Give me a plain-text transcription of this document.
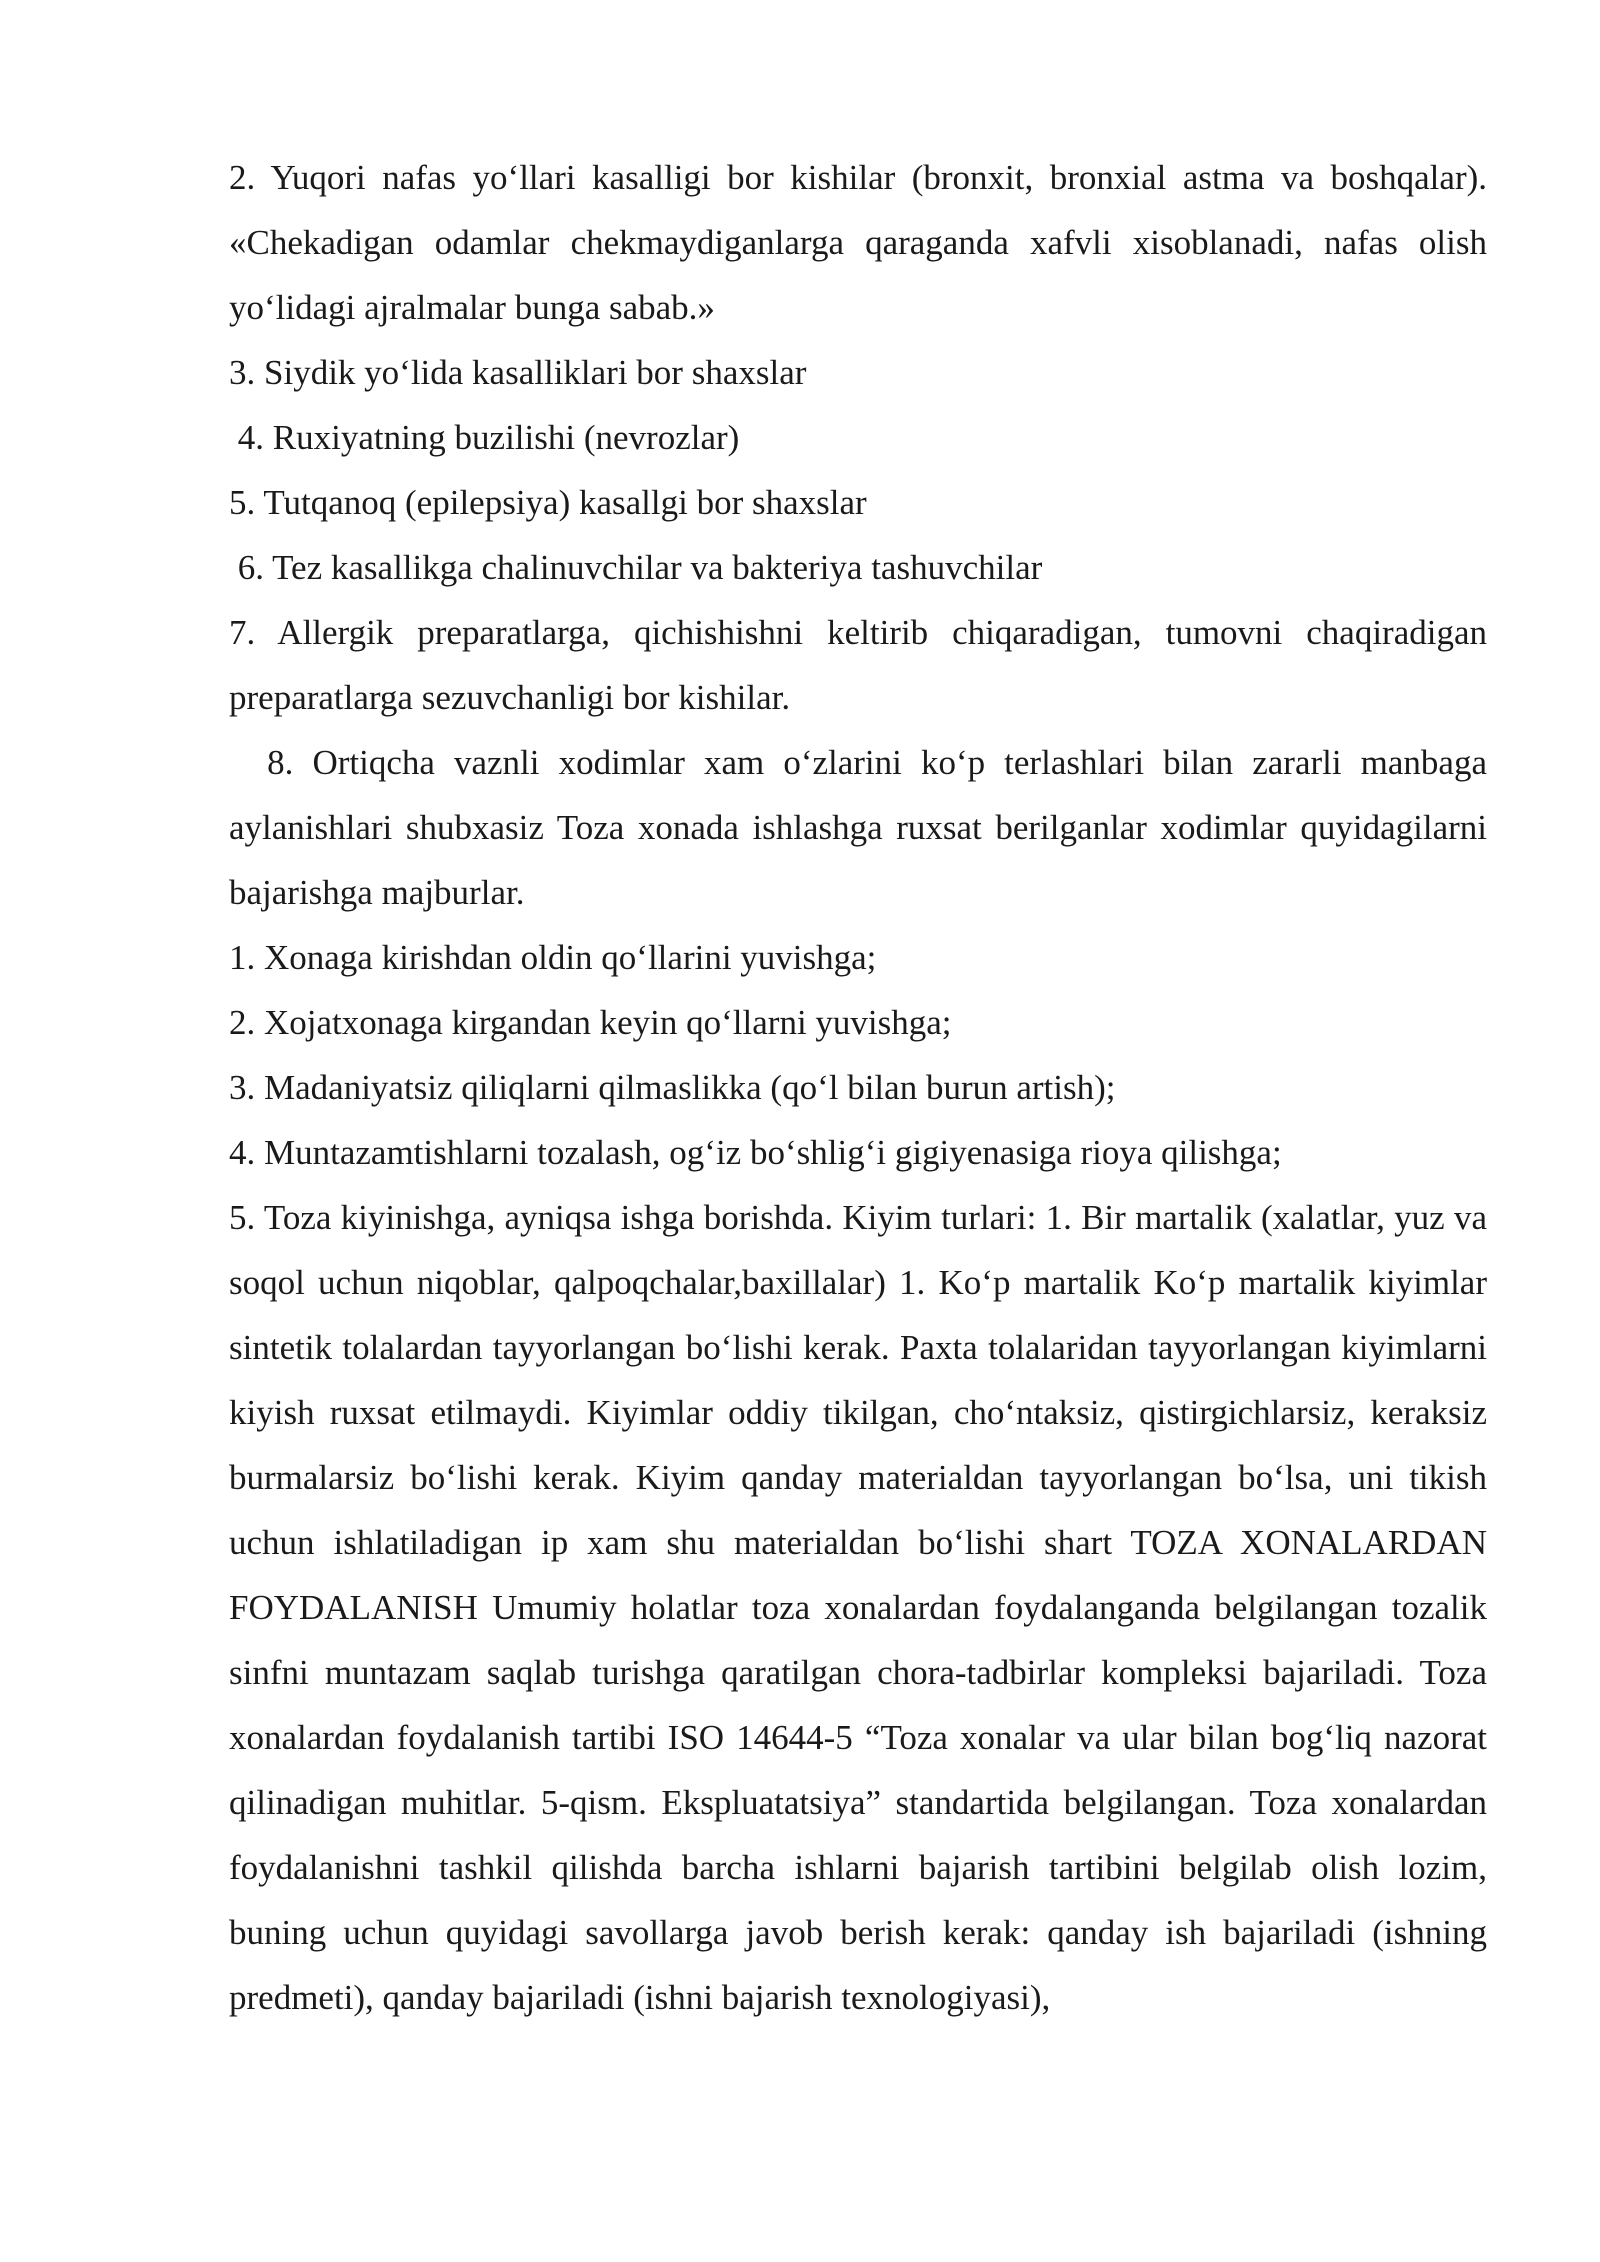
2. Yuqori nafas yo‘llari kasalligi bor kishilar (bronxit, bronxial astma va boshqalar). «Chekadigan odamlar chekmaydiganlarga qaraganda xafvli xisoblanadi, nafas olish yo‘lidagi ajralmalar bunga sabab.»

3. Siydik yo‘lida kasalliklari bor shaxslar

4. Ruxiyatning buzilishi (nevrozlar)

5. Tutqanoq (epilepsiya) kasallgi bor shaxslar

6. Tez kasallikga chalinuvchilar va bakteriya tashuvchilar

7. Allergik preparatlarga, qichishishni keltirib chiqaradigan, tumovni chaqiradigan preparatlarga sezuvchanligi bor kishilar.

8. Ortiqcha vaznli xodimlar xam o‘zlarini ko‘p terlashlari bilan zararli manbaga aylanishlari shubxasiz Toza xonada ishlashga ruxsat berilganlar xodimlar quyidagilarni bajarishga majburlar.

1. Xonaga kirishdan oldin qo‘llarini yuvishga;

2. Xojatxonaga kirgandan keyin qo‘llarni yuvishga;

3. Madaniyatsiz qiliqlarni qilmaslikka (qo‘l bilan burun artish);

4. Muntazamtishlarni tozalash, og‘iz bo‘shlig‘i gigiyenasiga rioya qilishga;

5. Toza kiyinishga, ayniqsa ishga borishda. Kiyim turlari: 1. Bir martalik (xalatlar, yuz va soqol uchun niqoblar, qalpoqchalar,baxillalar) 1. Ko‘p martalik Ko‘p martalik kiyimlar sintetik tolalardan tayyorlangan bo‘lishi kerak. Paxta tolalaridan tayyorlangan kiyimlarni kiyish ruxsat etilmaydi. Kiyimlar oddiy tikilgan, cho‘ntaksiz, qistirgichlarsiz, keraksiz burmalarsiz bo‘lishi kerak. Kiyim qanday materialdan tayyorlangan bo‘lsa, uni tikish uchun ishlatiladigan ip xam shu materialdan bo‘lishi shart TOZA XONALARDAN FOYDALANISH Umumiy holatlar toza xonalardan foydalanganda belgilangan tozalik sinfni muntazam saqlab turishga qaratilgan chora-tadbirlar kompleksi bajariladi. Toza xonalardan foydalanish tartibi ISO 14644-5 “Toza xonalar va ular bilan bog‘liq nazorat qilinadigan muhitlar. 5-qism. Ekspluatatsiya” standartida belgilangan. Toza xonalardan foydalanishni tashkil qilishda barcha ishlarni bajarish tartibini belgilab olish lozim, buning uchun quyidagi savollarga javob berish kerak: qanday ish bajariladi (ishning predmeti), qanday bajariladi (ishni bajarish texnologiyasi),
